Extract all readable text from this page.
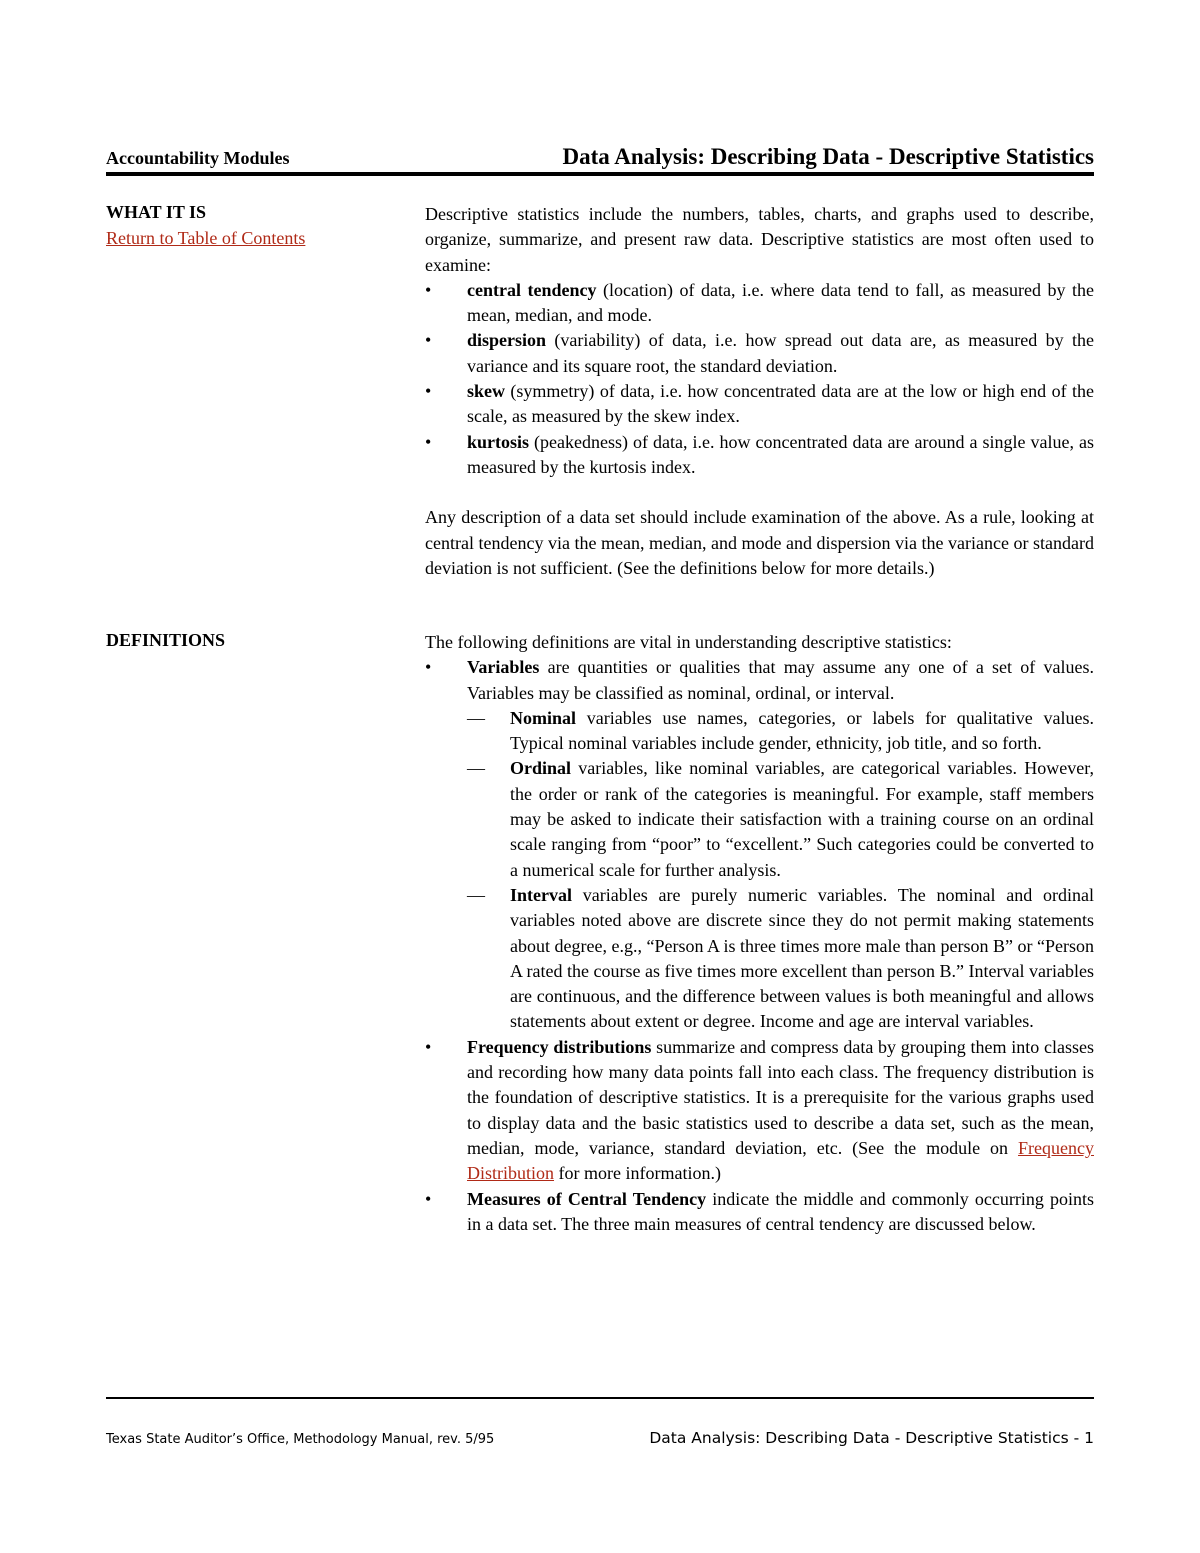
Accountability Modules	Data Analysis: Describing Data - Descriptive Statistics
WHAT IT IS
Return to Table of Contents

Descriptive statistics include the numbers, tables, charts, and graphs used to describe, organize, summarize, and present raw data. Descriptive statistics are most often used to examine:

• central tendency (location) of data, i.e. where data tend to fall, as measured by the mean, median, and mode.
• dispersion (variability) of data, i.e. how spread out data are, as measured by the variance and its square root, the standard deviation.
• skew (symmetry) of data, i.e. how concentrated data are at the low or high end of the scale, as measured by the skew index.
• kurtosis (peakedness) of data, i.e. how concentrated data are around a single value, as measured by the kurtosis index.

Any description of a data set should include examination of the above. As a rule, looking at central tendency via the mean, median, and mode and dispersion via the variance or standard deviation is not sufficient. (See the definitions below for more details.)

DEFINITIONS	The following definitions are vital in understanding descriptive statistics:

• Variables are quantities or qualities that may assume any one of a set of values. Variables may be classified as nominal, ordinal, or interval.
— Nominal variables use names, categories, or labels for qualitative values. Typical nominal variables include gender, ethnicity, job title, and so forth.
— Ordinal variables, like nominal variables, are categorical variables. However, the order or rank of the categories is meaningful. For example, staff members may be asked to indicate their satisfaction with a training course on an ordinal scale ranging from “poor” to “excellent.” Such categories could be converted to a numerical scale for further analysis.
— Interval variables are purely numeric variables. The nominal and ordinal variables noted above are discrete since they do not permit making statements about degree, e.g., “Person A is three times more male than person B” or “Person A rated the course as five times more excellent than person B.” Interval variables are continuous, and the difference between values is both meaningful and allows statements about extent or degree. Income and age are interval variables.
• Frequency distributions summarize and compress data by grouping them into classes and recording how many data points fall into each class. The frequency distribution is the foundation of descriptive statistics. It is a prerequisite for the various graphs used to display data and the basic statistics used to describe a data set, such as the mean, median, mode, variance, standard deviation, etc. (See the module on Frequency Distribution for more information.)
• Measures of Central Tendency indicate the middle and commonly occurring points in a data set. The three main measures of central tendency are discussed below.
Texas State Auditor’s Office, Methodology Manual, rev. 5/95	Data Analysis: Describing Data - Descriptive Statistics - 1
